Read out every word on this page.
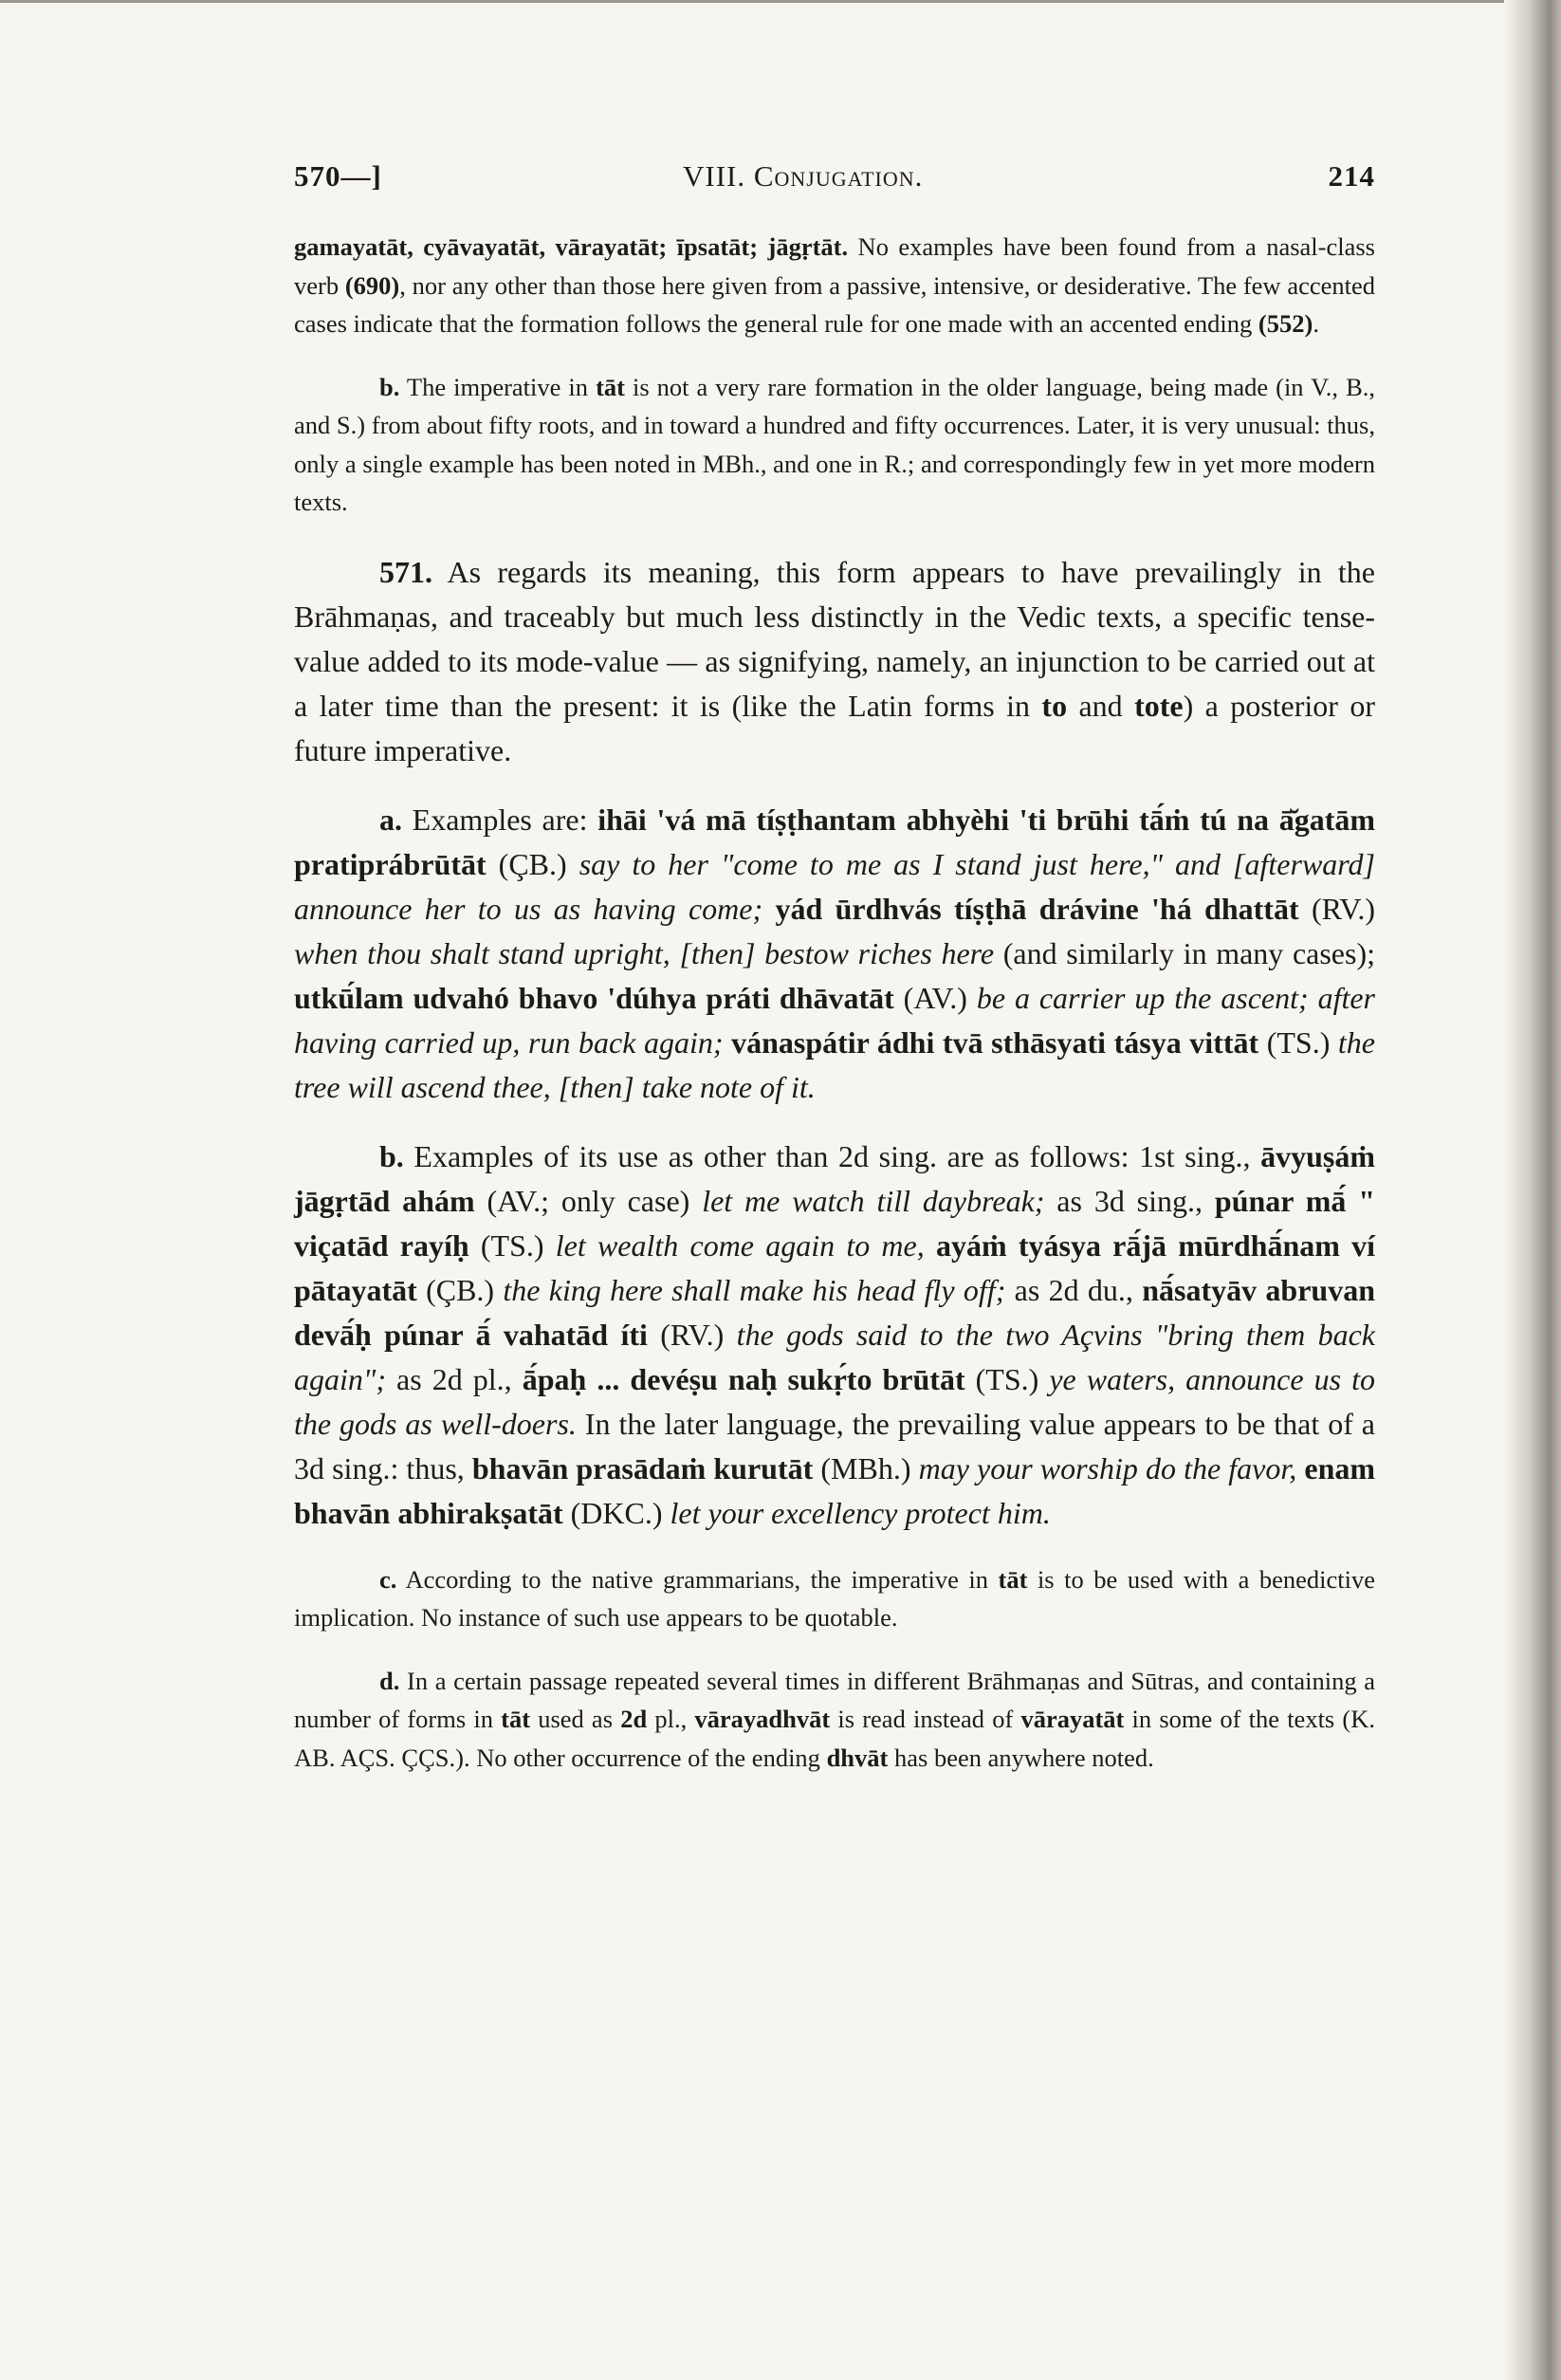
570—]	VIII. Conjugation.	214

gamayatāt, cyāvayatāt, vārayatāt; īpsatāt; jāgṛtāt. No examples have been found from a nasal-class verb (690), nor any other than those here given from a passive, intensive, or desiderative. The few accented cases indicate that the formation follows the general rule for one made with an accented ending (552).

b. The imperative in tāt is not a very rare formation in the older language, being made (in V., B., and S.) from about fifty roots, and in toward a hundred and fifty occurrences. Later, it is very unusual: thus, only a single example has been noted in MBh., and one in R.; and correspondingly few in yet more modern texts.

571. As regards its meaning, this form appears to have prevailingly in the Brāhmaṇas, and traceably but much less distinctly in the Vedic texts, a specific tense-value added to its mode-value — as signifying, namely, an injunction to be carried out at a later time than the present: it is (like the Latin forms in to and tote) a posterior or future imperative.

a. Examples are: ihāi 'vá mā tíṣṭhantam abhyèhi 'ti brūhi tā́ṁ tú na ā̆gatām pratiprábrūtāt (ÇB.) say to her "come to me as I stand just here," and [afterward] announce her to us as having come; yád ūrdhvás tíṣṭhā drávine 'há dhattāt (RV.) when thou shalt stand upright, [then] bestow riches here (and similarly in many cases); utkū́lam udvahó bhavo 'dúhya práti dhāvatāt (AV.) be a carrier up the ascent; after having carried up, run back again; vánaspátir ádhi tvā sthāsyati tásya vittāt (TS.) the tree will ascend thee, [then] take note of it.

b. Examples of its use as other than 2d sing. are as follows: 1st sing., āvyuṣáṁ jāgṛtād ahám (AV.; only case) let me watch till daybreak; as 3d sing., púnar mā́ " viçatād rayíḥ (TS.) let wealth come again to me, ayáṁ tyásya rā́jā mūrdhā́nam ví pātayatāt (ÇB.) the king here shall make his head fly off; as 2d du., nā́satyāv abruvan devā́ḥ púnar ā́ vahatād íti (RV.) the gods said to the two Açvins "bring them back again"; as 2d pl., ā́paḥ ... devéṣu naḥ sukṛ́to brūtāt (TS.) ye waters, announce us to the gods as well-doers. In the later language, the prevailing value appears to be that of a 3d sing.: thus, bhavān prasādaṁ kurutāt (MBh.) may your worship do the favor, enam bhavān abhirakṣatāt (DKC.) let your excellency protect him.

c. According to the native grammarians, the imperative in tāt is to be used with a benedictive implication. No instance of such use appears to be quotable.

d. In a certain passage repeated several times in different Brāhmaṇas and Sūtras, and containing a number of forms in tāt used as 2d pl., vārayadhvāt is read instead of vārayatāt in some of the texts (K. AB. AÇS. ÇÇS.). No other occurrence of the ending dhvāt has been anywhere noted.
